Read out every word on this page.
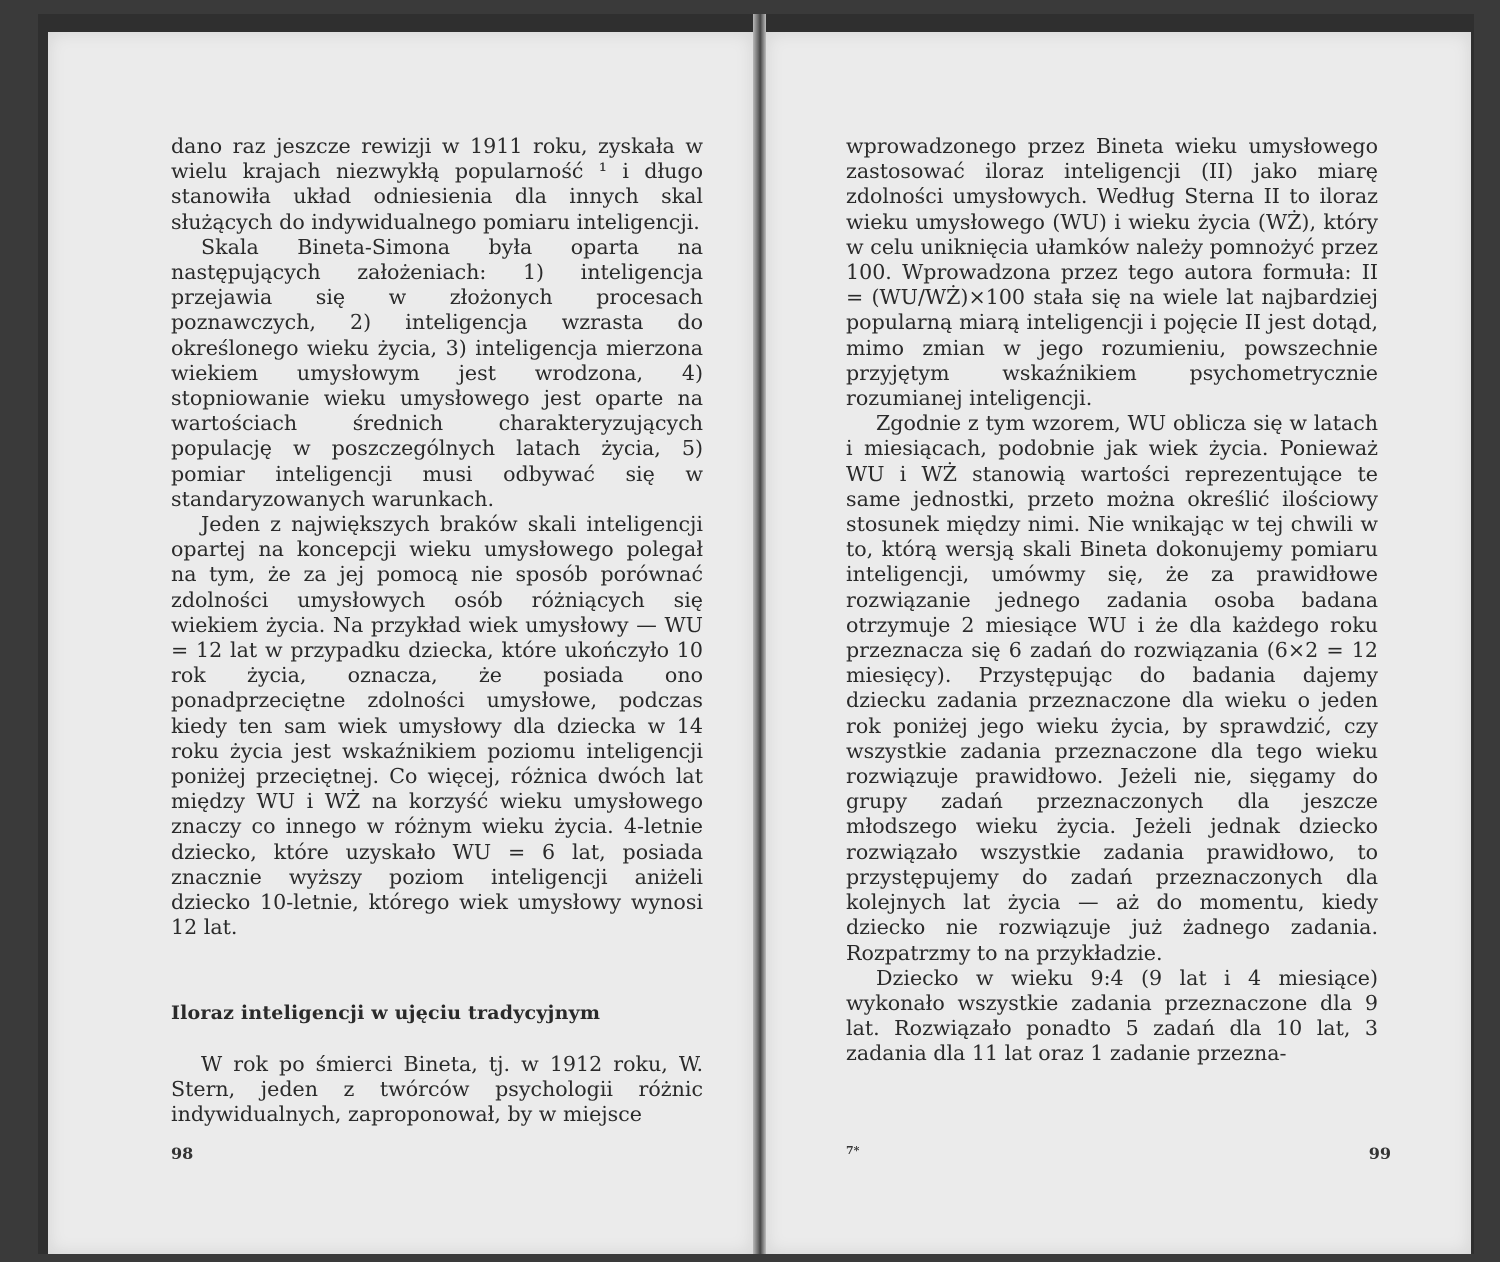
dano raz jeszcze rewizji w 1911 roku, zyskała w wielu krajach niezwykłą popularność ¹ i długo stanowiła układ odniesienia dla innych skal służących do indywidualnego pomiaru inteligencji.

Skala Bineta-Simona była oparta na następujących założeniach: 1) inteligencja przejawia się w złożonych procesach poznawczych, 2) inteligencja wzrasta do określonego wieku życia, 3) inteligencja mierzona wiekiem umysłowym jest wrodzona, 4) stopniowanie wieku umysłowego jest oparte na wartościach średnich charakteryzujących populację w poszczególnych latach życia, 5) pomiar inteligencji musi odbywać się w standaryzowanych warunkach.

Jeden z największych braków skali inteligencji opartej na koncepcji wieku umysłowego polegał na tym, że za jej pomocą nie sposób porównać zdolności umysłowych osób różniących się wiekiem życia. Na przykład wiek umysłowy — WU = 12 lat w przypadku dziecka, które ukończyło 10 rok życia, oznacza, że posiada ono ponadprzeciętne zdolności umysłowe, podczas kiedy ten sam wiek umysłowy dla dziecka w 14 roku życia jest wskaźnikiem poziomu inteligencji poniżej przeciętnej. Co więcej, różnica dwóch lat między WU i WŻ na korzyść wieku umysłowego znaczy co innego w różnym wieku życia. 4-letnie dziecko, które uzyskało WU = 6 lat, posiada znacznie wyższy poziom inteligencji aniżeli dziecko 10-letnie, którego wiek umysłowy wynosi 12 lat.

Iloraz inteligencji w ujęciu tradycyjnym

W rok po śmierci Bineta, tj. w 1912 roku, W. Stern, jeden z twórców psychologii różnic indywidualnych, zaproponował, by w miejsce

98

wprowadzonego przez Bineta wieku umysłowego zastosować iloraz inteligencji (II) jako miarę zdolności umysłowych. Według Sterna II to iloraz wieku umysłowego (WU) i wieku życia (WŻ), który w celu uniknięcia ułamków należy pomnożyć przez 100. Wprowadzona przez tego autora formuła: II = (WU/WŻ)×100 stała się na wiele lat najbardziej popularną miarą inteligencji i pojęcie II jest dotąd, mimo zmian w jego rozumieniu, powszechnie przyjętym wskaźnikiem psychometrycznie rozumianej inteligencji.

Zgodnie z tym wzorem, WU oblicza się w latach i miesiącach, podobnie jak wiek życia. Ponieważ WU i WŻ stanowią wartości reprezentujące te same jednostki, przeto można określić ilościowy stosunek między nimi. Nie wnikając w tej chwili w to, którą wersją skali Bineta dokonujemy pomiaru inteligencji, umówmy się, że za prawidłowe rozwiązanie jednego zadania osoba badana otrzymuje 2 miesiące WU i że dla każdego roku przeznacza się 6 zadań do rozwiązania (6×2 = 12 miesięcy). Przystępując do badania dajemy dziecku zadania przeznaczone dla wieku o jeden rok poniżej jego wieku życia, by sprawdzić, czy wszystkie zadania przeznaczone dla tego wieku rozwiązuje prawidłowo. Jeżeli nie, sięgamy do grupy zadań przeznaczonych dla jeszcze młodszego wieku życia. Jeżeli jednak dziecko rozwiązało wszystkie zadania prawidłowo, to przystępujemy do zadań przeznaczonych dla kolejnych lat życia — aż do momentu, kiedy dziecko nie rozwiązuje już żadnego zadania. Rozpatrzmy to na przykładzie.

Dziecko w wieku 9:4 (9 lat i 4 miesiące) wykonało wszystkie zadania przeznaczone dla 9 lat. Rozwiązało ponadto 5 zadań dla 10 lat, 3 zadania dla 11 lat oraz 1 zadanie przezna-

7*	99
